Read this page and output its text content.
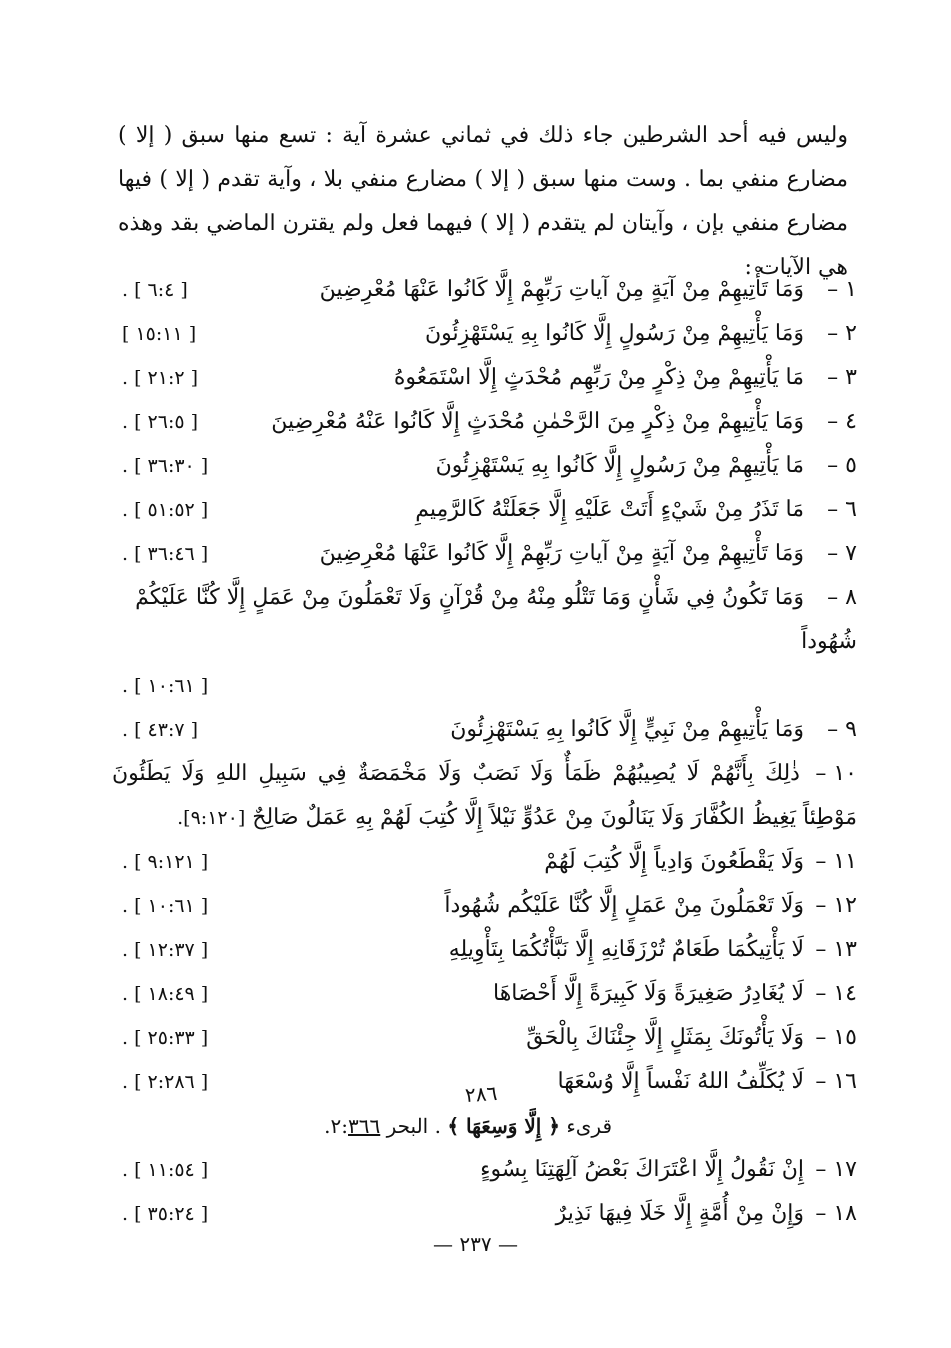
وليس فيه أحد الشرطين جاء ذلك في ثماني عشرة آية : تسع منها سبق ( إلا ) مضارع منفي بما . وست منها سبق ( إلا ) مضارع منفي بلا ، وآية تقدم ( إلا ) فيها مضارع منفي بإن ، وآيتان لم يتقدم ( إلا ) فيهما فعل ولم يقترن الماضي بقد وهذه هي الآيات :

١ – وَمَا تَأْتِيهِمْ مِنْ آيَةٍ مِنْ آياتِ رَبِّهِمْ إِلَّا كَانُوا عَنْهَا مُعْرِضِينَ
[ ٦:٤ ] .
٢ – وَمَا يَأْتِيهِمْ مِنْ رَسُولٍ إِلَّا كَانُوا بِهِ يَسْتَهْزِئُونَ
[ ١٥:١١ ]
٣ – مَا يَأْتِيهِمْ مِنْ ذِكْرٍ مِنْ رَبِّهِم مُحْدَثٍ إِلَّا اسْتَمَعُوهُ
[ ٢١:٢ ] .
٤ – وَمَا يَأْتِيهِمْ مِنْ ذِكْرٍ مِنَ الرَّحْمٰنِ مُحْدَثٍ إِلَّا كَانُوا عَنْهُ مُعْرِضِينَ
[ ٢٦:٥ ] .
٥ – مَا يَأْتِيهِمْ مِنْ رَسُولٍ إِلَّا كَانُوا بِهِ يَسْتَهْزِئُونَ
[ ٣٦:٣٠ ] .
٦ – مَا تَذَرُ مِنْ شَيْءٍ أَتَتْ عَلَيْهِ إِلَّا جَعَلَتْهُ كَالرَّمِيمِ
[ ٥١:٥٢ ] .
٧ – وَمَا تَأْتِيهِمْ مِنْ آيَةٍ مِنْ آياتِ رَبِّهِمْ إِلَّا كَانُوا عَنْهَا مُعْرِضِينَ
[ ٣٦:٤٦ ] .
٨ – وَمَا تَكُونُ فِي شَأْنٍ وَمَا تَتْلُو مِنْهُ مِنْ قُرْآنٍ وَلَا تَعْمَلُونَ مِنْ عَمَلٍ إِلَّا كُنَّا عَلَيْكُمْ شُهُوداً
[ ١٠:٦١ ] .
٩ – وَمَا يَأْتِيهِمْ مِنْ نَبِيٍّ إِلَّا كَانُوا بِهِ يَسْتَهْزِئُونَ
[ ٤٣:٧ ] .
١٠ – ذٰلِكَ بِأَنَّهُمْ لَا يُصِيبُهُمْ ظَمَأٌ وَلَا نَصَبٌ وَلَا مَخْمَصَةٌ فِي سَبِيلِ اللهِ وَلَا يَطَئُونَ مَوْطِئاً يَغِيظُ الكُفَّارَ وَلَا يَنَالُونَ مِنْ عَدُوٍّ نَيْلاً إِلَّا كُتِبَ لَهُمْ بِهِ عَمَلٌ صَالِحٌ [٩:١٢٠].
١١ – وَلَا يَقْطَعُونَ وَادِياً إِلَّا كُتِبَ لَهُمْ
[ ٩:١٢١ ] .
١٢ – وَلَا تَعْمَلُونَ مِنْ عَمَلٍ إِلَّا كُنَّا عَلَيْكُم شُهُوداً
[ ١٠:٦١ ] .
١٣ – لَا يَأْتِيكُمَا طَعَامٌ تُرْزَقَانِهِ إِلَّا نَبَّأْتُكُمَا بِتَأْوِيلِهِ
[ ١٢:٣٧ ] .
١٤ – لَا يُغَادِرُ صَغِيرَةً وَلَا كَبِيرَةً إِلَّا أَحْصَاهَا
[ ١٨:٤٩ ] .
١٥ – وَلَا يَأْتُونَكَ بِمَثَلٍ إِلَّا جِئْنَاكَ بِالْحَقِّ
[ ٢٥:٣٣ ] .
١٦ – لَا يُكَلِّفُ اللهُ نَفْساً إِلَّا وُسْعَهَا
[ ٢:٢٨٦ ] .	٢٨٦
قرىء ﴿ إِلَّا وَسِعَهَا ﴾ . البحر ٢:٣٦٦.
١٧ – إِنْ نَقُولُ إِلَّا اعْتَرَاكَ بَعْضُ آلِهَتِنَا بِسُوءٍ
[ ١١:٥٤ ] .
١٨ – وَإِنْ مِنْ أُمَّةٍ إِلَّا خَلَا فِيهَا نَذِيرٌ
[ ٣٥:٢٤ ] .
— ٢٣٧ —
